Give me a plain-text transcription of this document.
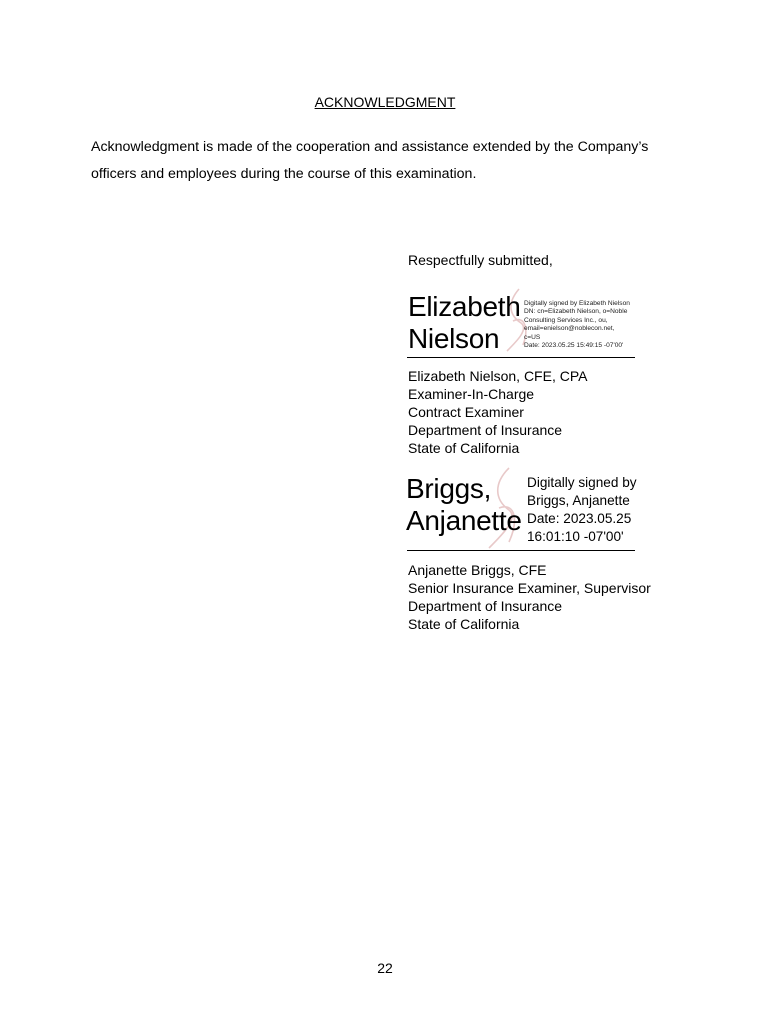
ACKNOWLEDGMENT
Acknowledgment is made of the cooperation and assistance extended by the Company’s
officers and employees during the course of this examination.
Respectfully submitted,
Elizabeth
Nielson
Digitally signed by Elizabeth Nielson
DN: cn=Elizabeth Nielson, o=Noble
Consulting Services Inc., ou,
email=enielson@noblecon.net,
c=US
Date: 2023.05.25 15:49:15 -07'00'
Elizabeth Nielson, CFE, CPA
Examiner-In-Charge
Contract Examiner
Department of Insurance
State of California
Briggs,
Anjanette
Digitally signed by
Briggs, Anjanette
Date: 2023.05.25
16:01:10 -07'00'
Anjanette Briggs, CFE
Senior Insurance Examiner, Supervisor
Department of Insurance
State of California
22
